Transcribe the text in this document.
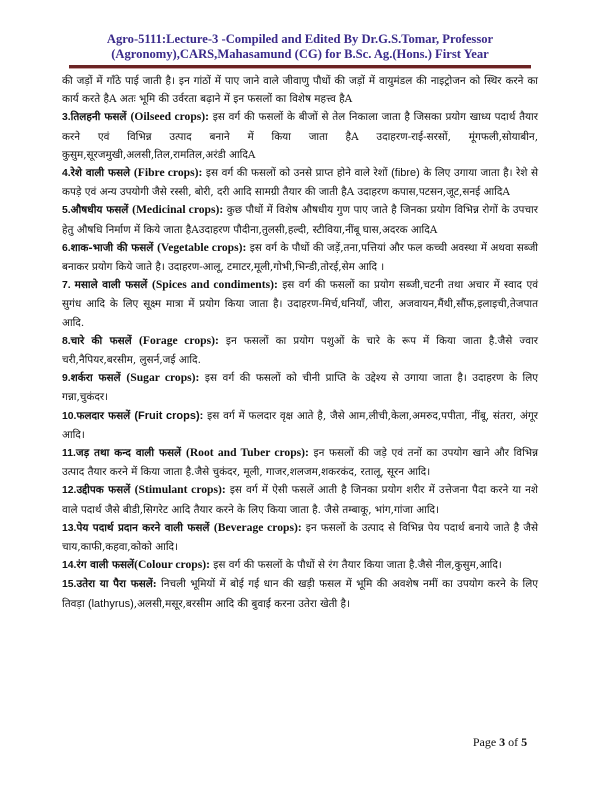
Agro-5111:Lecture-3 -Compiled and Edited By Dr.G.S.Tomar, Professor
(Agronomy),CARS,Mahasamund (CG) for B.Sc. Ag.(Hons.) First Year

की जड़ों में गाँठे पाई जाती है। इन गांठों में पाए जाने वाले जीवाणु पौधों की जड़ों में वायुमंडल की नाइट्रोजन को स्थिर करने का कार्य करते हैA अतः भूमि की उर्वरता बढ़ाने में इन फसलों का विशेष महत्त्व हैA

3.तिलहनी फसलें (Oilseed crops): इस वर्ग की फसलों के बीजों से तेल निकाला जाता है जिसका प्रयोग खाध्य पदार्थ तैयार करने एवं विभिन्न उत्पाद बनाने में किया जाता हैA उदाहरण-राई-सरसों, मूंगफली,सोयाबीन, कुसुम,सूरजमुखी,अलसी,तिल,रामतिल,अरंडी आदिA

4.रेशे वाली फसले (Fibre crops): इस वर्ग की फसलों को उनसे प्राप्त होने वाले रेशों (fibre) के लिए उगाया जाता है। रेशे से कपड़े एवं अन्य उपयोगी जैसे रस्सी, बोरी, दरी आदि सामग्री तैयार की जाती हैA उदाहरण कपास,पटसन,जूट,सनई आदिA

5.औषधीय फसलें (Medicinal crops): कुछ पौधों में विशेष औषधीय गुण पाए जाते है जिनका प्रयोग विभिन्न रोगों के उपचार हेतु औषधि निर्माण में किये जाता हैAउदाहरण पौदीना,तुलसी,हल्दी, स्टीविया,नींबू घास,अदरक आदिA

6.शाक-भाजी की फसलें (Vegetable crops): इस वर्ग के पौधों की जड़ें,तना,पत्तियां और फल कच्ची अवस्था में अथवा सब्जी बनाकर प्रयोग किये जाते है। उदाहरण-आलू, टमाटर,मूली,गोभी,भिन्डी,तोरई,सेम आदि ।

7. मसाले वाली फसलें (Spices and condiments): इस वर्ग की फसलों का प्रयोग सब्जी,चटनी तथा अचार में स्वाद एवं सुगंध आदि के लिए सूक्ष्म मात्रा में प्रयोग किया जाता है। उदाहरण-मिर्च,धनियाँ, जीरा, अजवायन,मैंथी,सौंफ,इलाइची,तेजपात आदि.

8.चारे की फसलें (Forage crops): इन फसलों का प्रयोग पशुओं के चारे के रूप में किया जाता है.जैसे ज्वार चरी,नैपियर,बरसीम, लुसर्न,जई आदि.

9.शर्करा फसलें (Sugar crops): इस वर्ग की फसलों को चीनी प्राप्ति के उद्देश्य से उगाया जाता है। उदाहरण के लिए गन्ना,चुकंदर।

10.फलदार फसलें (Fruit crops): इस वर्ग में फलदार वृक्ष आते है, जैसे आम,लीची,केला,अमरुद,पपीता, नींबू, संतरा, अंगूर आदि।

11.जड़ तथा कन्द वाली फसलें (Root and Tuber crops): इन फसलों की जड़े एवं तनों का उपयोग खाने और विभिन्न उत्पाद तैयार करने में किया जाता है.जैसे चुकंदर, मूली, गाजर,शलजम,शकरकंद, रतालू, सूरन आदि।

12.उद्दीपक फसलें (Stimulant crops): इस वर्ग में ऐसी फसलें आती है जिनका प्रयोग शरीर में उत्तेजना पैदा करने या नशे वाले पदार्थ जैसे बीडी,सिगरेट आदि तैयार करने के लिए किया जाता है. जैसे तम्बाकू, भांग,गांजा आदि।

13.पेय पदार्थ प्रदान करने वाली फसलें (Beverage crops): इन फसलों के उत्पाद से विभिन्न पेय पदार्थ बनाये जाते है जैसे चाय,काफी,कहवा,कोको आदि।

14.रंग वाली फसलें(Colour crops): इस वर्ग की फसलों के पौधों से रंग तैयार किया जाता है.जैसे नील,कुसुम,आदि।

15.उतेरा या पैरा फसलें: निचली भूमियों में बोई गई धान की खड़ी फसल में भूमि की अवशेष नमीं का उपयोग करने के लिए तिवड़ा (lathyrus),अलसी,मसूर,बरसीम आदि की बुवाई करना उतेरा खेती है।

Page 3 of 5
